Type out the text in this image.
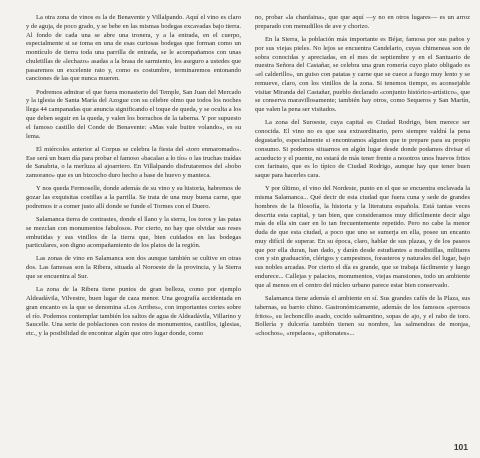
La otra zona de vinos es la de Benavente y Villalpando. Aquí el vino es claro y de aguja, de poco grado, y se bebe en las mismas bodegas excavadas bajo tierra. Al fondo de cada una se abre una tronera, y a la entrada, en el cuerpo, especialmente si se toma en una de esas curiosas bodegas que forman como un montículo de tierra toda una parrilla de entrada, se le acompañamos con unas chuletillas de «lechazo» asadas a la brasa de sarmiento, les aseguro a ustedes que pasaremos un excelente rato y, como es costumbre, terminaremos entonando canciones de las que nunca mueren.

Podremos admirar el que fuera monasterio del Temple, San Juan del Mercado y la iglesia de Santa María del Azogue con su célebre olmo que todos los noches llega 44 campanadas que anuncia significando el toque de queda, y se oculta a los que deben seguir en la queda, y valen los borrachos de la taberna. Y por supuesto el famoso castillo del Conde de Benavente: «Mas vale buitre volando», es su lema.

El miércoles anterior al Corpus se celebra la fiesta del «toro enmaromado». Ese será un buen día para probar el famoso «bacalao a lo tío» o las truchas traídas de Sanabria, o la merluza al ajoarriero. En Villalpando disfrutaremos del «bobo zamorano» que es un bizcocho duro hecho a base de huevo y manteca.

Y nos queda Fermoselle, donde además de su vino y su historia, habremos de gozar las exquisitas costillas a la parrilla. Se trata de una muy buena carne, que podremos ir a comer justo allí donde se funde el Tormes con el Duero.

Salamanca tierra de contrastes, donde el llano y la sierra, los toros y las patas se mezclan con monumentos fabulosos. Por cierto, no hay que olvidar sus reses embutidas y sus vinillos de la tierra que, bien cuidados en las bodegas particulares, son digno acompañamiento de los platos de la región.

Las zonas de vino en Salamanca son dos aunque también se cultive en otras dos. Las famosas son la Ribera, situada al Noroeste de la provincia, y la Sierra que se encuentra al Sur.

La zona de la Ribera tiene puntos de gran belleza, como por ejemplo Aldeadávila, Vilvestre, buen lugar de caza menor. Una geografía accidentada en gran encanto es la que se denomina «Los Arribes», con importantes cortes sobre el río. Podemos contemplar también los saltos de agua de Aldeadávila, Villarino y Saucelle. Una serie de poblaciones con restos de monumentos, castillos, iglesias, etc., y la posibilidad de encontrar algún que otro lugar donde, como

no, probar «la chanfaina», que que aquí —y no en otros lugares— es un arroz preparado con menudillos de ave y chorizo.

En la Sierra, la población más importante es Béjar, famosa por sus paños y por sus viejas pieles. No lejos se encuentra Candelario, cuyas chimeneas son de sobra conocidas y apreciadas, en el mes de septiembre y en el Santuario de nuestra Señora del Castañar, se celebra una gran romería cuyo plato obligado es «el calderillo», un guiso con patatas y carne que se cuece a fuego muy lento y se remueve, claro, con los vinillos de la zona. Si tenemos tiempo, es aconsejable visitar Miranda del Castañar, pueblo declarado «conjunto histórico-artístico», que se conserva maravillosamente; también hay otros, como Sequeros y San Martín, que valen la pena ser visitados.

La zona del Suroeste, cuya capital es Ciudad Rodrigo, bien merece ser conocida. El vino no es que sea extraordinario, pero siempre valdrá la pena degustarlo, especialmente si encontramos alguien que te prepare para su propio consumo. Si podemos situarnos en algún lugar desde donde podamos divisar el acueducto y el puente, no estará de más tener frente a nosotros unos huevos fritos con farinato, que es lo típico de Ciudad Rodrigo, aunque hay que tener buen saque para hacerles cara.

Y por último, el vino del Nordeste, punto en el que se encuentra enclavada la misma Salamanca... Qué decir de esta ciudad que fuera cuna y sede de grandes hombres de la filosofía, la historia y la literatura española. Está tantas veces descrita esta capital, y tan bien, que consideramos muy difícilmente decir algo más de ella sin caer en lo tan frecuentemente repetido. Pero no cabe la menor duda de que esta ciudad, a poco que uno se sumerja en ella, posee un encanto muy difícil de superar. En su época, claro, hablar de sus plazas, y de los paseos que por ella duran, han dado, y darán desde estudiantes a modistillas, militares con y sin graduación, clérigos y campesinos, forasteros y naturales del lugar, bajo sus nobles arcadas. Por cierto el día es grande, que se trabaja fácilmente y luego endurece... Callejas y palacios, monumentos, viejas mansiones, todo un ambiente que al menos en el centro del núcleo urbano parece estar bien conservado.

Salamanca tiene además el ambiente en sí. Sus grandes cafés de la Plaza, sus tabernas, su barrio chino. Gastronómicamente, además de los famosos «perosos fritos», su lechoncillo asado, cocido salmantino, sopas de ajo, y el rabo de toro. Bollería y dulcería también tienen su nombre, las salmendras de monjas, «chochos», «repelaos», «piñonates»...

101
